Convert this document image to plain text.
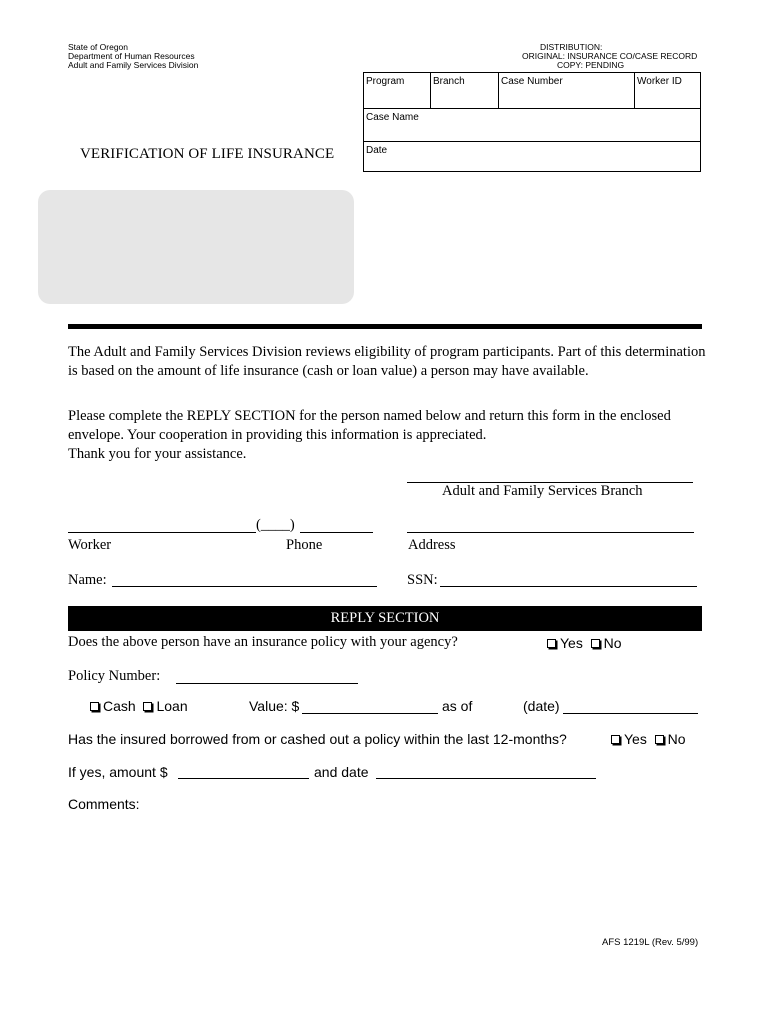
State of Oregon
Department of Human Resources
Adult and Family Services Division
DISTRIBUTION:
ORIGINAL: INSURANCE CO/CASE RECORD
COPY: PENDING
Program	Branch	Case Number	Worker ID
Case Name
Date
VERIFICATION OF LIFE INSURANCE
The Adult and Family Services Division reviews eligibility of program participants. Part of this determination is based on the amount of life insurance (cash or loan value) a person may have available.
Please complete the REPLY SECTION for the person named below and return this form in the enclosed envelope. Your cooperation in providing this information is appreciated.
Thank you for your assistance.
Adult and Family Services Branch
(____)
Worker	Phone	Address
Name:	SSN:
REPLY SECTION
Does the above person have an insurance policy with your agency?	Yes No
Policy Number:
Cash Loan	Value: $	as of	(date)
Has the insured borrowed from or cashed out a policy within the last 12-months?	Yes No
If yes, amount $	and date
Comments:
AFS 1219L (Rev. 5/99)
